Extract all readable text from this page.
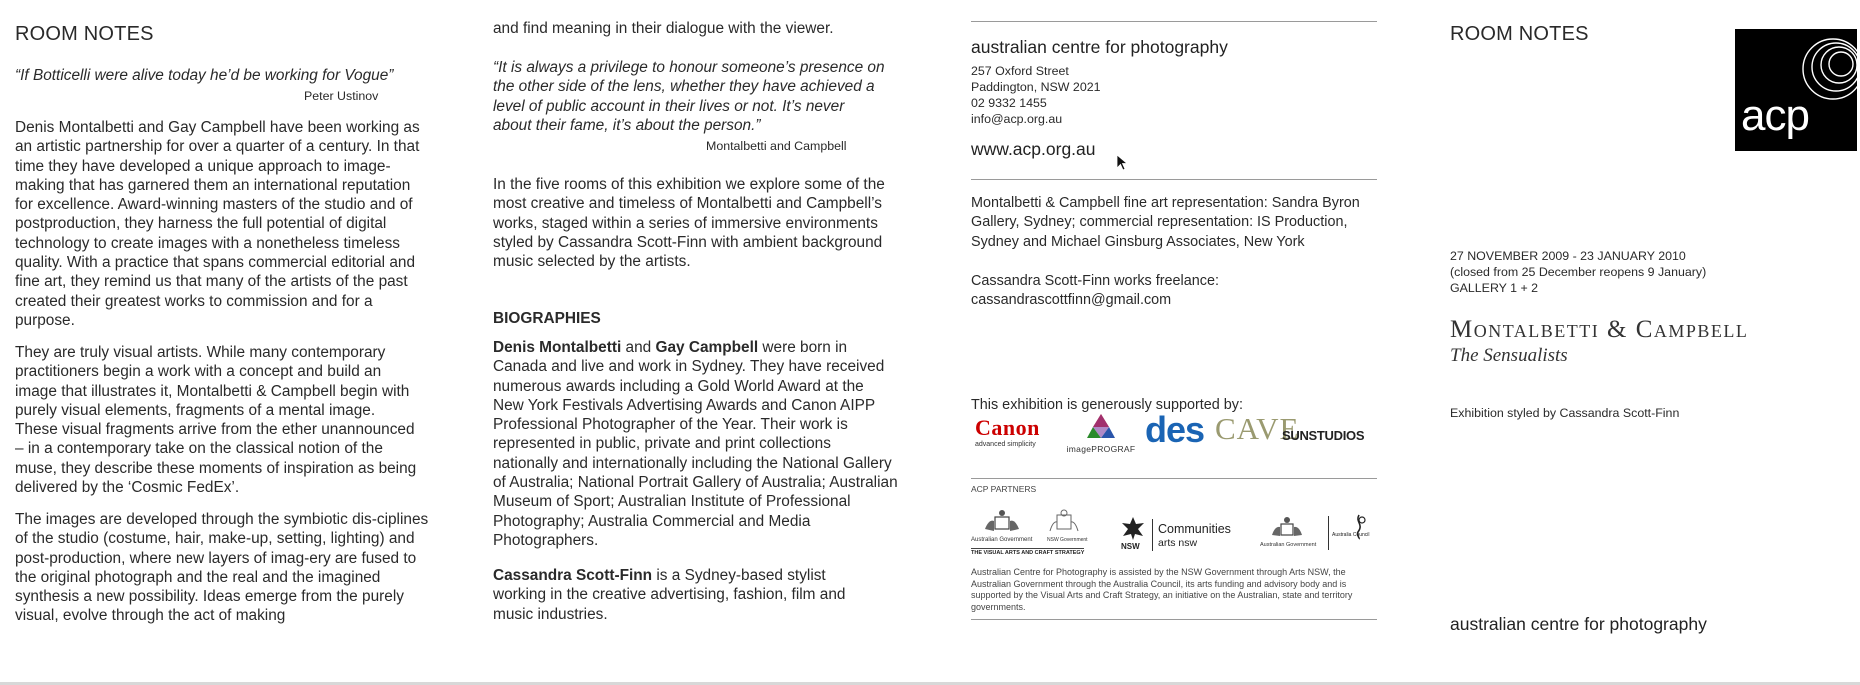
ROOM NOTES
“If Botticelli were alive today he’d be working for Vogue”
Peter Ustinov

Denis Montalbetti and Gay Campbell have been working as an artistic partnership for over a quarter of a century. In that time they have developed a unique approach to image-making that has garnered them an international reputation for excellence. Award-winning masters of the studio and of postproduction, they harness the full potential of digital technology to create images with a nonetheless timeless quality. With a practice that spans commercial editorial and fine art, they remind us that many of the artists of the past created their greatest works to commission and for a purpose.

They are truly visual artists. While many contemporary practitioners begin a work with a concept and build an image that illustrates it, Montalbetti & Campbell begin with purely visual elements, fragments of a mental image. These visual fragments arrive from the ether unannounced – in a contemporary take on the classical notion of the muse, they describe these moments of inspiration as being delivered by the ‘Cosmic FedEx’.

The images are developed through the symbiotic dis-ciplines of the studio (costume, hair, make-up, setting, lighting) and post-production, where new layers of imag-ery are fused to the original photograph and the real and the imagined synthesis a new possibility. Ideas emerge from the purely visual, evolve through the act of making

and find meaning in their dialogue with the viewer.

“It is always a privilege to honour someone’s presence on the other side of the lens, whether they have achieved a level of public account in their lives or not. It’s never about their fame, it’s about the person.”

Montalbetti and Campbell

In the five rooms of this exhibition we explore some of the most creative and timeless of Montalbetti and Campbell’s works, staged within a series of immersive environments styled by Cassandra Scott-Finn with ambient background music selected by the artists.

BIOGRAPHIES

Denis Montalbetti and Gay Campbell were born in Canada and live and work in Sydney. They have received numerous awards including a Gold World Award at the New York Festivals Advertising Awards and Canon AIPP Professional Photographer of the Year. Their work is represented in public, private and print collections nationally and internationally including the National Gallery of Australia; National Portrait Gallery of Australia; Australian Museum of Sport; Australian Institute of Professional Photography; Australia Commercial and Media Photographers.

Cassandra Scott-Finn is a Sydney-based stylist working in the creative advertising, fashion, film and music industries.

australian centre for photography
257 Oxford Street
Paddington, NSW 2021
02 9332 1455
info@acp.org.au
www.acp.org.au

Montalbetti & Campbell fine art representation: Sandra Byron Gallery, Sydney; commercial representation: IS Production, Sydney and Michael Ginsburg Associates, New York

Cassandra Scott-Finn works freelance:
cassandrascottfinn@gmail.com
This exhibition is generously supported by:
Canon
advanced simplicity	imagePROGRAF des CAVE
SUNSTUDIOS
ACP PARTNERS
Australian Government	NSW Government
THE VISUAL ARTS AND CRAFT STRATEGY
NSW
Communities
arts nsw	Australian Government
Australia Council

Australian Centre for Photography is assisted by the NSW Government through Arts NSW, the Australian Government through the Australia Council, its arts funding and advisory body and is supported by the Visual Arts and Craft Strategy, an initiative on the Australian, state and territory governments.

ROOM NOTES
acp
27 NOVEMBER 2009 - 23 JANUARY 2010
(closed from 25 December reopens 9 January)
GALLERY 1 + 2
Montalbetti & Campbell
The Sensualists
Exhibition styled by Cassandra Scott-Finn
australian centre for photography
